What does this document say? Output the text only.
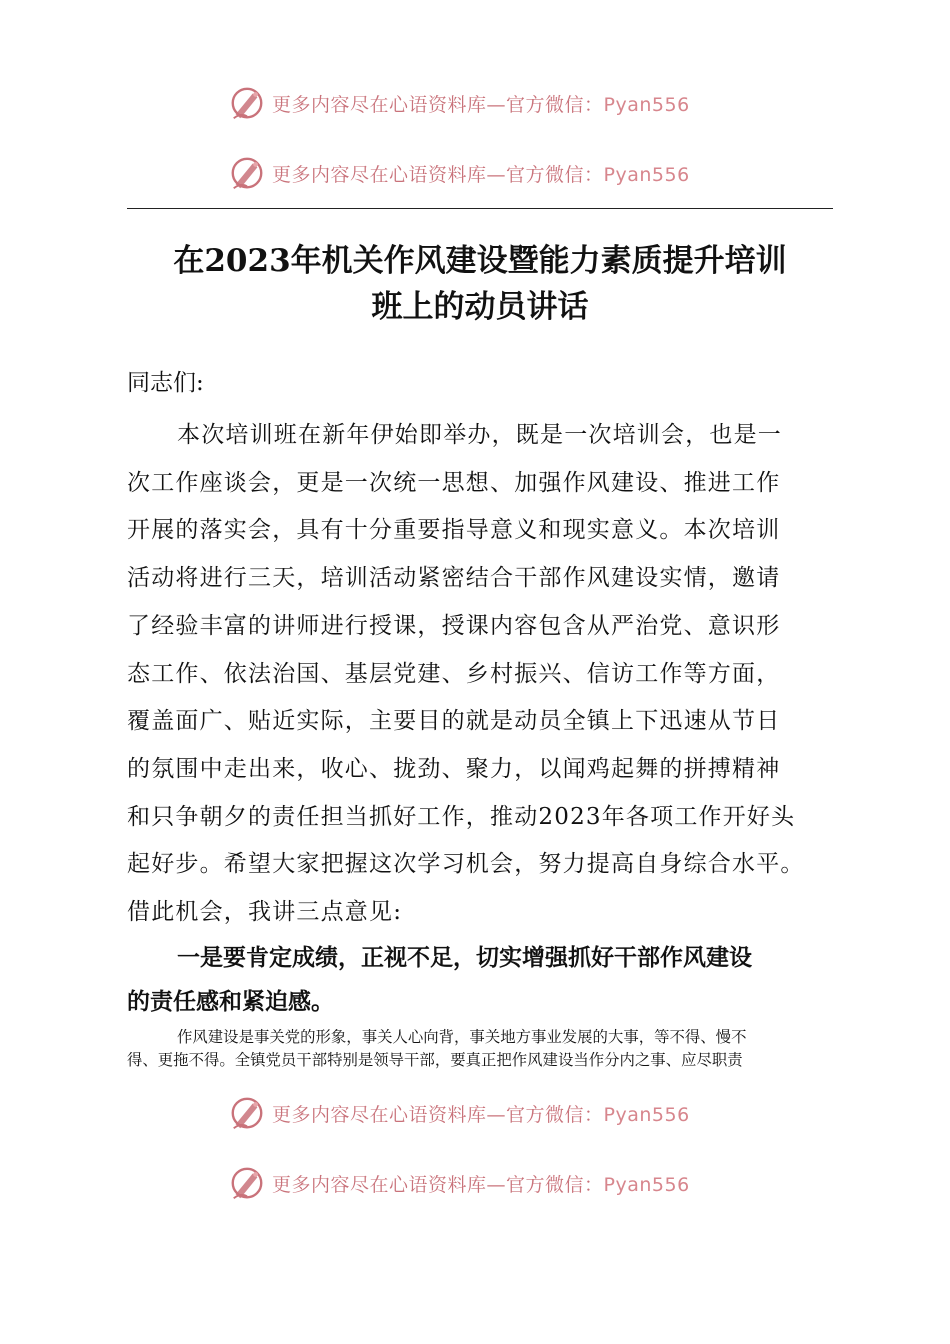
更多内容尽在心语资料库—官方微信：Pyan556
更多内容尽在心语资料库—官方微信：Pyan556
在2023年机关作风建设暨能力素质提升培训
班上的动员讲话
同志们:
本次培训班在新年伊始即举办，既是一次培训会，也是一
次工作座谈会，更是一次统一思想、加强作风建设、推进工作
开展的落实会，具有十分重要指导意义和现实意义。本次培训
活动将进行三天，培训活动紧密结合干部作风建设实情，邀请
了经验丰富的讲师进行授课，授课内容包含从严治党、意识形
态工作、依法治国、基层党建、乡村振兴、信访工作等方面，
覆盖面广、贴近实际，主要目的就是动员全镇上下迅速从节日
的氛围中走出来，收心、拢劲、聚力，以闻鸡起舞的拼搏精神
和只争朝夕的责任担当抓好工作，推动2023年各项工作开好头
起好步。希望大家把握这次学习机会，努力提高自身综合水平。
借此机会，我讲三点意见:
一是要肯定成绩，正视不足，切实增强抓好干部作风建设
的责任感和紧迫感。
作风建设是事关党的形象，事关人心向背，事关地方事业发展的大事，等不得、慢不
得、更拖不得。全镇党员干部特别是领导干部，要真正把作风建设当作分内之事、应尽职责
更多内容尽在心语资料库—官方微信：Pyan556
更多内容尽在心语资料库—官方微信：Pyan556
